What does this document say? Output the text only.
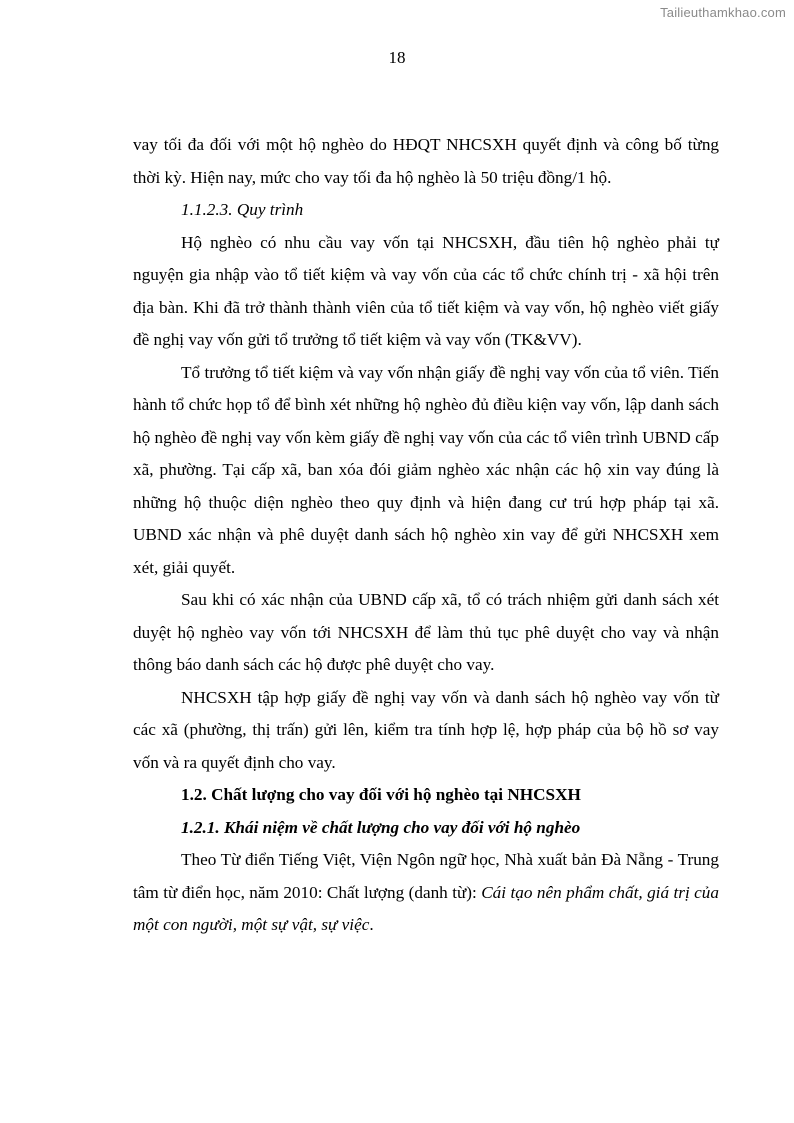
Tailieuthamkhao.com
18

vay tối đa đối với một hộ nghèo do HĐQT NHCSXH quyết định và công bố từng thời kỳ. Hiện nay, mức cho vay tối đa hộ nghèo là 50 triệu đồng/1 hộ.

1.1.2.3. Quy trình

Hộ nghèo có nhu cầu vay vốn tại NHCSXH, đầu tiên hộ nghèo phải tự nguyện gia nhập vào tổ tiết kiệm và vay vốn của các tổ chức chính trị - xã hội trên địa bàn. Khi đã trở thành thành viên của tổ tiết kiệm và vay vốn, hộ nghèo viết giấy đề nghị vay vốn gửi tổ trưởng tổ tiết kiệm và vay vốn (TK&VV).

Tổ trưởng tổ tiết kiệm và vay vốn nhận giấy đề nghị vay vốn của tổ viên. Tiến hành tổ chức họp tổ để bình xét những hộ nghèo đủ điều kiện vay vốn, lập danh sách hộ nghèo đề nghị vay vốn kèm giấy đề nghị vay vốn của các tổ viên trình UBND cấp xã, phường. Tại cấp xã, ban xóa đói giảm nghèo xác nhận các hộ xin vay đúng là những hộ thuộc diện nghèo theo quy định và hiện đang cư trú hợp pháp tại xã. UBND xác nhận và phê duyệt danh sách hộ nghèo xin vay để gửi NHCSXH xem xét, giải quyết.

Sau khi có xác nhận của UBND cấp xã, tổ có trách nhiệm gửi danh sách xét duyệt hộ nghèo vay vốn tới NHCSXH để làm thủ tục phê duyệt cho vay và nhận thông báo danh sách các hộ được phê duyệt cho vay.

NHCSXH tập hợp giấy đề nghị vay vốn và danh sách hộ nghèo vay vốn từ các xã (phường, thị trấn) gửi lên, kiểm tra tính hợp lệ, hợp pháp của bộ hồ sơ vay vốn và ra quyết định cho vay.

1.2. Chất lượng cho vay đối với hộ nghèo tại NHCSXH

1.2.1. Khái niệm về chất lượng cho vay đối với hộ nghèo

Theo Từ điển Tiếng Việt, Viện Ngôn ngữ học, Nhà xuất bản Đà Nẵng - Trung tâm từ điển học, năm 2010: Chất lượng (danh từ): Cái tạo nên phẩm chất, giá trị của một con người, một sự vật, sự việc.
